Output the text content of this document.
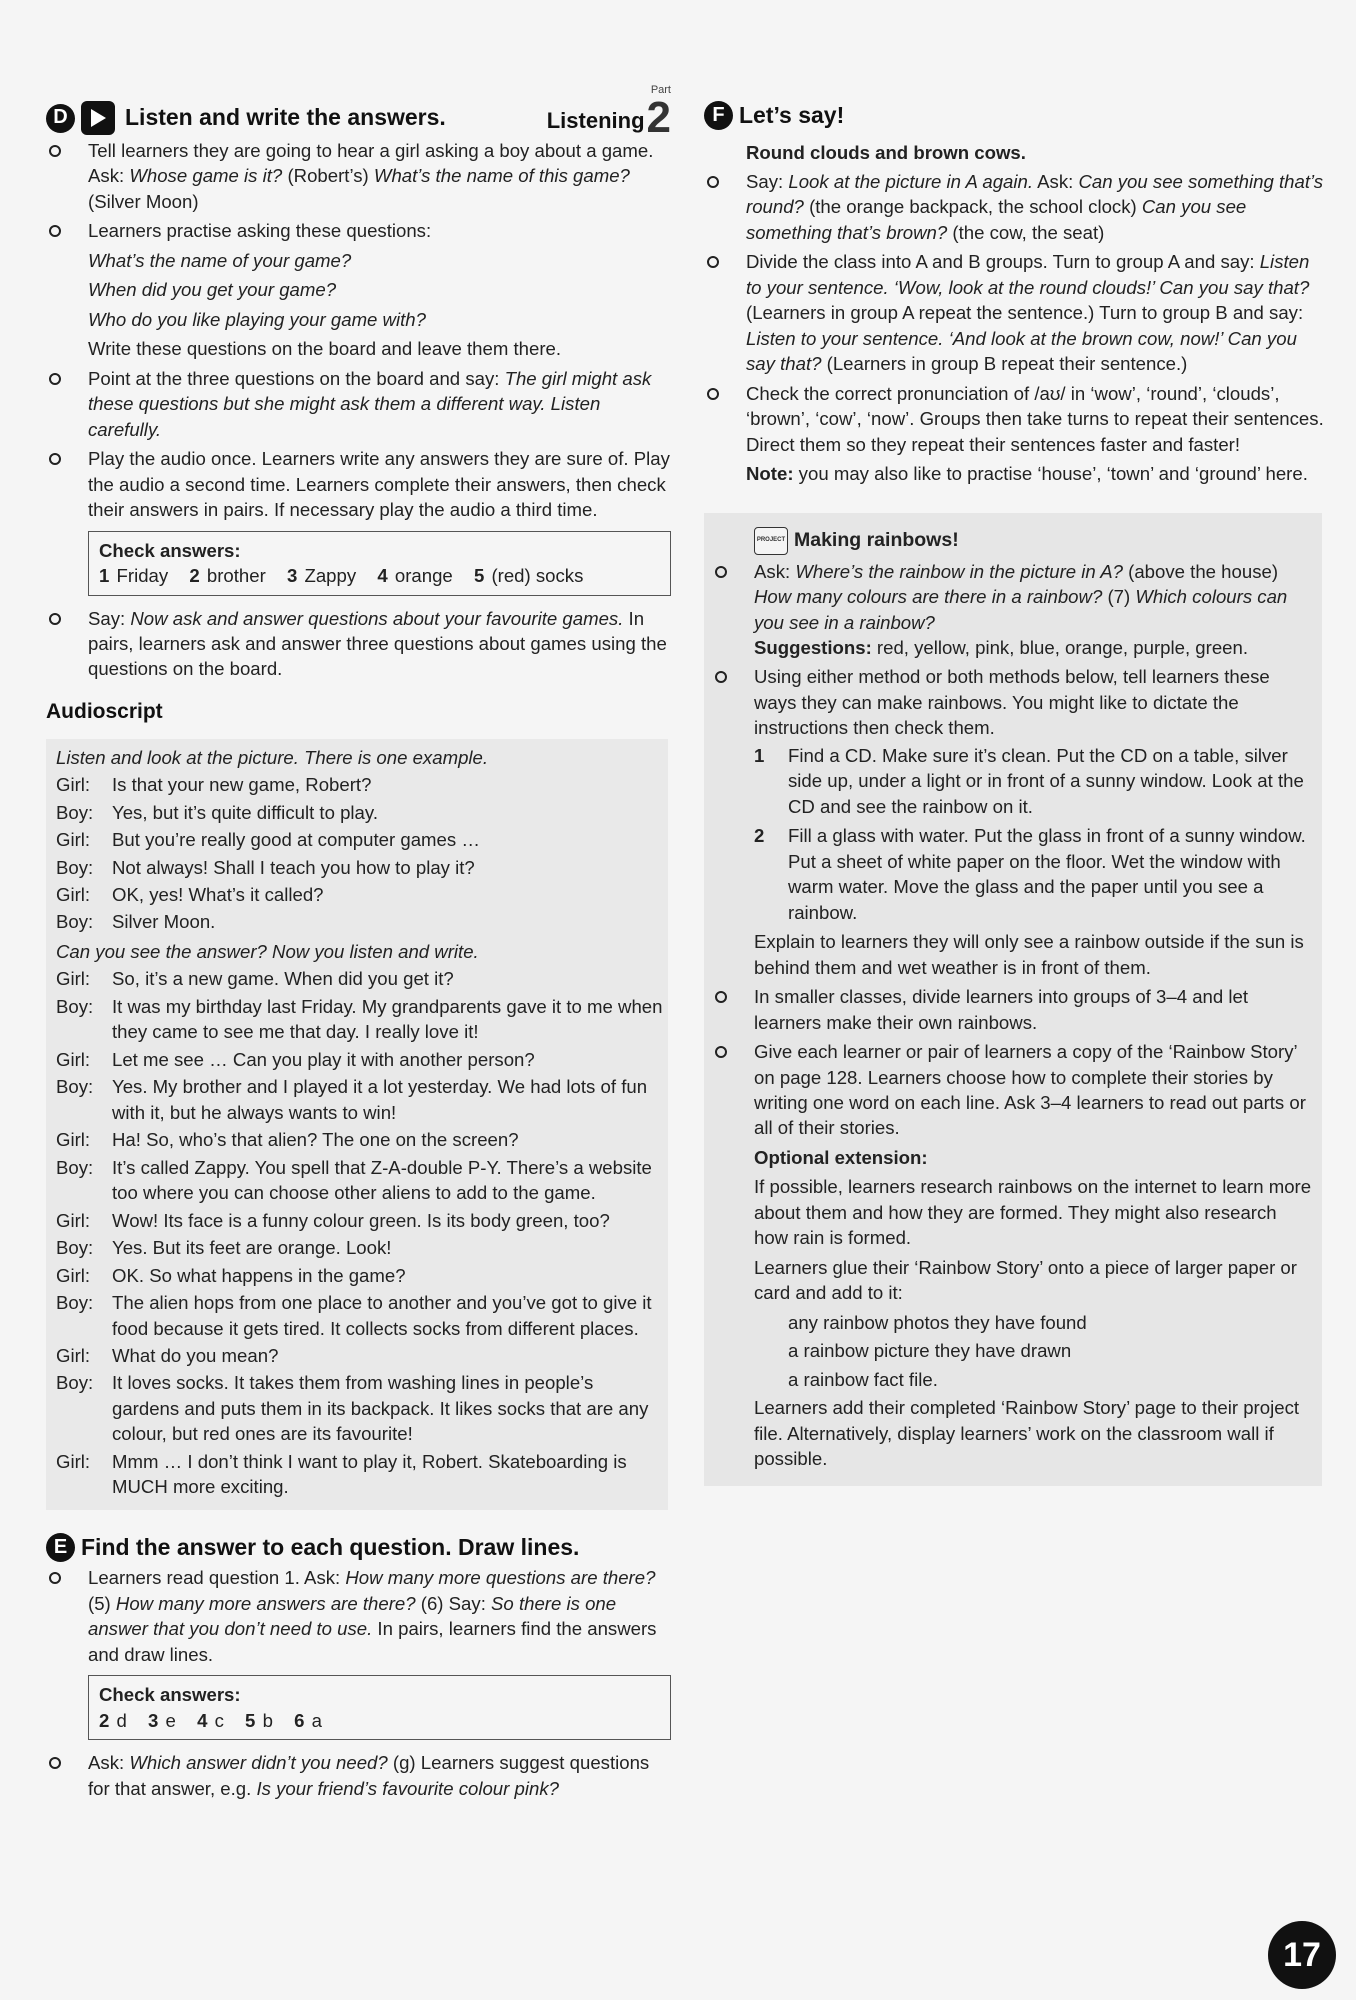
D	Listen and write the answers.
Part
Listening 2
Tell learners they are going to hear a girl asking a boy about a game.
Ask: Whose game is it? (Robert’s) What’s the name of this game? (Silver Moon)
Learners practise asking these questions:
What’s the name of your game?
When did you get your game?
Who do you like playing your game with?
Write these questions on the board and leave them there.
Point at the three questions on the board and say: The girl might ask these questions but she might ask them a different way. Listen carefully.
Play the audio once. Learners write any answers they are sure of. Play the audio a second time. Learners complete their answers, then check their answers in pairs. If necessary play the audio a third time.
Check answers:
1 Friday 2 brother 3 Zappy 4 orange 5 (red) socks
Say: Now ask and answer questions about your favourite games. In pairs, learners ask and answer three questions about games using the questions on the board.
Audioscript
Listen and look at the picture. There is one example.
Girl:	Is that your new game, Robert?
Boy:	Yes, but it’s quite difficult to play.
Girl:	But you’re really good at computer games …
Boy:	Not always! Shall I teach you how to play it?
Girl:	OK, yes! What’s it called?
Boy:	Silver Moon.
Can you see the answer? Now you listen and write.
Girl:	So, it’s a new game. When did you get it?
Boy:	It was my birthday last Friday. My grandparents gave it to me when they came to see me that day. I really love it!
Girl:	Let me see … Can you play it with another person?
Boy:	Yes. My brother and I played it a lot yesterday. We had lots of fun with it, but he always wants to win!
Girl:	Ha! So, who’s that alien? The one on the screen?
Boy:	It’s called Zappy. You spell that Z-A-double P-Y. There’s a website too where you can choose other aliens to add to the game.
Girl:	Wow! Its face is a funny colour green. Is its body green, too?
Boy:	Yes. But its feet are orange. Look!
Girl:	OK. So what happens in the game?
Boy:	The alien hops from one place to another and you’ve got to give it food because it gets tired. It collects socks from different places.
Girl:	What do you mean?
Boy:	It loves socks. It takes them from washing lines in people’s gardens and puts them in its backpack. It likes socks that are any colour, but red ones are its favourite!
Girl:	Mmm … I don’t think I want to play it, Robert. Skateboarding is MUCH more exciting.
E Find the answer to each question. Draw lines.
Learners read question 1. Ask: How many more questions are there? (5) How many more answers are there? (6) Say: So there is one answer that you don’t need to use. In pairs, learners find the answers and draw lines.
Check answers:
2 d 3 e 4 c 5 b 6 a
Ask: Which answer didn’t you need? (g) Learners suggest questions for that answer, e.g. Is your friend’s favourite colour pink?
F Let’s say!
Round clouds and brown cows.
Say: Look at the picture in A again. Ask: Can you see something that’s round? (the orange backpack, the school clock) Can you see something that’s brown? (the cow, the seat)
Divide the class into A and B groups. Turn to group A and say: Listen to your sentence. ‘Wow, look at the round clouds!’ Can you say that? (Learners in group A repeat the sentence.) Turn to group B and say: Listen to your sentence. ‘And look at the brown cow, now!’ Can you say that? (Learners in group B repeat their sentence.)
Check the correct pronunciation of /aʊ/ in ‘wow’, ‘round’, ‘clouds’, ‘brown’, ‘cow’, ‘now’. Groups then take turns to repeat their sentences. Direct them so they repeat their sentences faster and faster!
Note: you may also like to practise ‘house’, ‘town’ and ‘ground’ here.
PROJECT Making rainbows!
Ask: Where’s the rainbow in the picture in A? (above the house) How many colours are there in a rainbow? (7) Which colours can you see in a rainbow?
Suggestions: red, yellow, pink, blue, orange, purple, green.
Using either method or both methods below, tell learners these ways they can make rainbows. You might like to dictate the instructions then check them.
1	Find a CD. Make sure it’s clean. Put the CD on a table, silver side up, under a light or in front of a sunny window. Look at the CD and see the rainbow on it.
2	Fill a glass with water. Put the glass in front of a sunny window. Put a sheet of white paper on the floor. Wet the window with warm water. Move the glass and the paper until you see a rainbow.
Explain to learners they will only see a rainbow outside if the sun is behind them and wet weather is in front of them.
In smaller classes, divide learners into groups of 3–4 and let learners make their own rainbows.
Give each learner or pair of learners a copy of the ‘Rainbow Story’ on page 128. Learners choose how to complete their stories by writing one word on each line. Ask 3–4 learners to read out parts or all of their stories.
Optional extension:
If possible, learners research rainbows on the internet to learn more about them and how they are formed. They might also research how rain is formed.
Learners glue their ‘Rainbow Story’ onto a piece of larger paper or card and add to it:
any rainbow photos they have found
a rainbow picture they have drawn
a rainbow fact file.
Learners add their completed ‘Rainbow Story’ page to their project file. Alternatively, display learners’ work on the classroom wall if possible.
17
